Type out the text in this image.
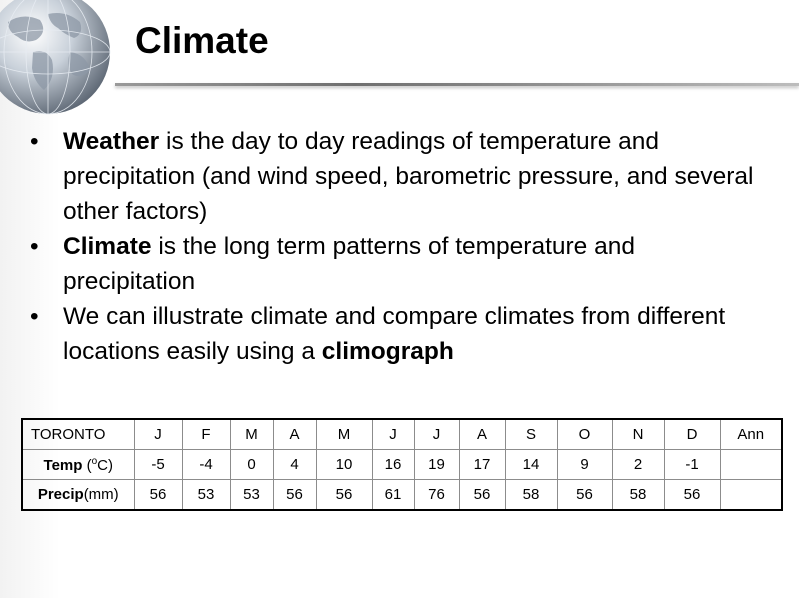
Climate
• Weather is the day to day readings of temperature and precipitation (and wind speed, barometric pressure, and several other factors)
• Climate is the long term patterns of temperature and precipitation
• We can illustrate climate and compare climates from different locations easily using a climograph
TORONTO	J	F	M	A	M	J	J	A	S	O	N	D	Ann
Temp ($^o$C)	-5	-4	0	4	10	16	19	17	14	9	2	-1	
Precip(mm)	56	53	53	56	56	61	76	56	58	56	58	56	
